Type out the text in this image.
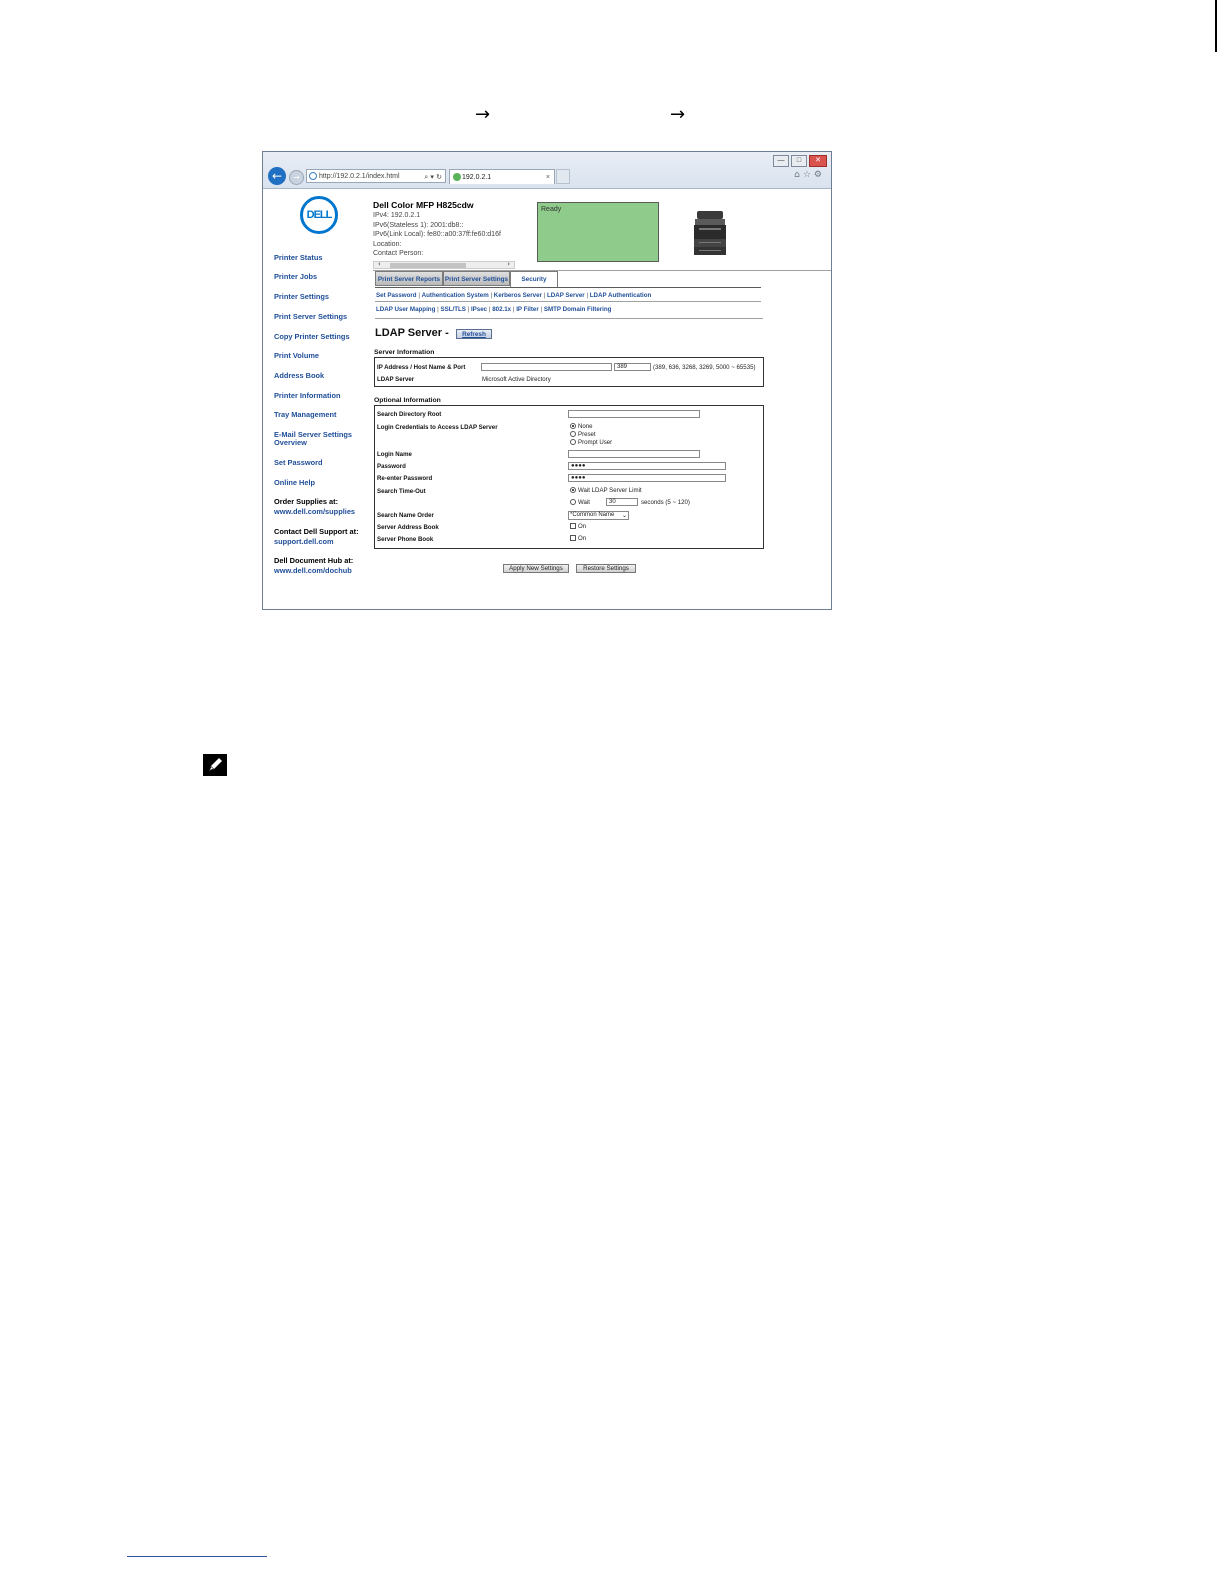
→	→
—	□	✕
←	→	http://192.0.2.1/index.html	⌕ ▾ ↻	192.0.2.1	×	⌂☆⚙
DELL
Printer Status
Printer Jobs
Printer Settings
Print Server Settings
Copy Printer Settings
Print Volume
Address Book
Printer Information
Tray Management
E-Mail Server Settings
Overview
Set Password
Online Help
Order Supplies at:
www.dell.com/supplies
Contact Dell Support at:
support.dell.com
Dell Document Hub at:
www.dell.com/dochub
Dell Color MFP H825cdw
IPv4: 192.0.2.1
IPv6(Stateless 1): 2001:db8::
IPv6(Link Local): fe80::a00:37ff:fe60:d16f
Location:
Contact Person:
‹	›
Ready
Print Server Reports Print Server Settings	Security
Set Password | Authentication System | Kerberos Server | LDAP Server | LDAP Authentication
LDAP User Mapping | SSL/TLS | IPsec | 802.1x | IP Filter | SMTP Domain Filtering
LDAP Server -	Refresh
Server Information
IP Address / Host Name & Port	389	(389, 636, 3268, 3269, 5000 ~ 65535)
LDAP Server	Microsoft Active Directory
Optional Information
Search Directory Root
Login Credentials to Access LDAP Server	None
Preset
Prompt User
Login Name
Password	●●●●
Re-enter Password	●●●●
Search Time-Out	Wait LDAP Server Limit
Wait	30	seconds (5 ~ 120)
Search Name Order	*Common Name ⌄
Server Address Book	On
Server Phone Book	On
Apply New Settings	Restore Settings
